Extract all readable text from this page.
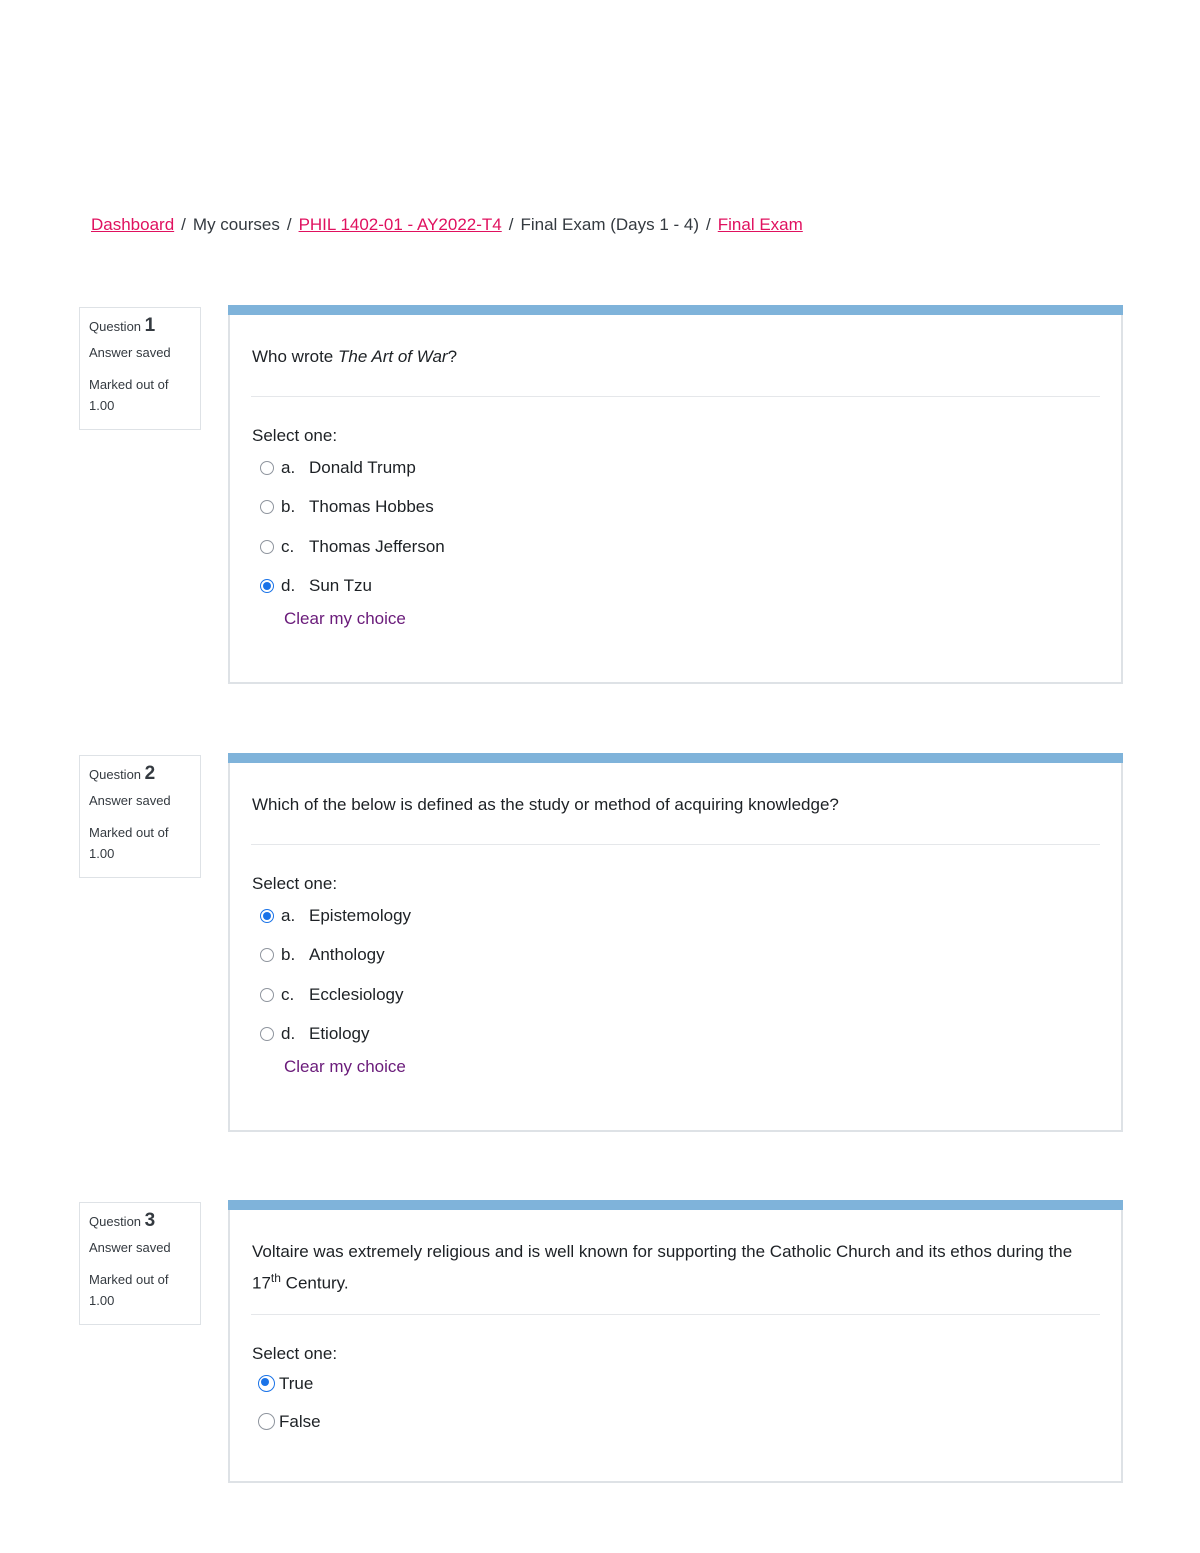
Dashboard / My courses / PHIL 1402-01 - AY2022-T4 / Final Exam (Days 1 - 4) / Final Exam
Question 1
Answer saved
Marked out of 1.00
Who wrote The Art of War?
Select one:
a. Donald Trump
b. Thomas Hobbes
c. Thomas Jefferson
d. Sun Tzu
Clear my choice
Question 2
Answer saved
Marked out of 1.00
Which of the below is defined as the study or method of acquiring knowledge?
Select one:
a. Epistemology
b. Anthology
c. Ecclesiology
d. Etiology
Clear my choice
Question 3
Answer saved
Marked out of 1.00
Voltaire was extremely religious and is well known for supporting the Catholic Church and its ethos during the 17th Century.
Select one:
True
False
